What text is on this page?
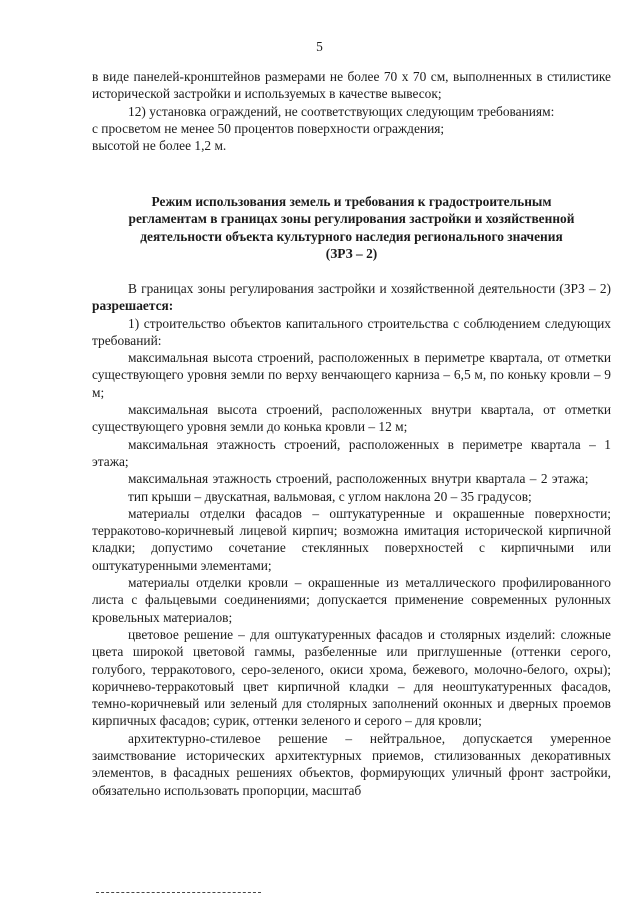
5

в виде панелей-кронштейнов размерами не более 70 х 70 см, выполненных в стилистике исторической застройки и используемых в качестве вывесок;

12) установка ограждений, не соответствующих следующим требованиям:

с просветом не менее 50 процентов поверхности ограждения;

высотой не более 1,2 м.

Режим использования земель и требования к градостроительным

регламентам в границах зоны регулирования застройки и хозяйственной

деятельности объекта культурного наследия регионального значения

(ЗРЗ – 2)

В границах зоны регулирования застройки и хозяйственной деятельности (ЗРЗ – 2) разрешается:

1) строительство объектов капитального строительства с соблюдением следующих требований:

максимальная высота строений, расположенных в периметре квартала, от отметки существующего уровня земли по верху венчающего карниза – 6,5 м, по коньку кровли – 9 м;

максимальная высота строений, расположенных внутри квартала, от отметки существующего уровня земли до конька кровли – 12 м;

максимальная этажность строений, расположенных в периметре квартала – 1 этажа;

максимальная этажность строений, расположенных внутри квартала – 2 этажа;

тип крыши – двускатная, вальмовая, с углом наклона 20 – 35 градусов;

материалы отделки фасадов – оштукатуренные и окрашенные поверхности; терракотово-коричневый лицевой кирпич; возможна имитация исторической кирпичной кладки; допустимо сочетание стеклянных поверхностей с кирпичными или оштукатуренными элементами;

материалы отделки кровли – окрашенные из металлического профилированного листа с фальцевыми соединениями; допускается применение современных рулонных кровельных материалов;

цветовое решение – для оштукатуренных фасадов и столярных изделий: сложные цвета широкой цветовой гаммы, разбеленные или приглушенные (оттенки серого, голубого, терракотового, серо-зеленого, окиси хрома, бежевого, молочно-белого, охры); коричнево-терракотовый цвет кирпичной кладки – для неоштукатуренных фасадов, темно-коричневый или зеленый для столярных заполнений оконных и дверных проемов кирпичных фасадов; сурик, оттенки зеленого и серого – для кровли;

архитектурно-стилевое решение – нейтральное, допускается умеренное заимствование исторических архитектурных приемов, стилизованных декоративных элементов, в фасадных решениях объектов, формирующих уличный фронт застройки, обязательно использовать пропорции, масштаб
